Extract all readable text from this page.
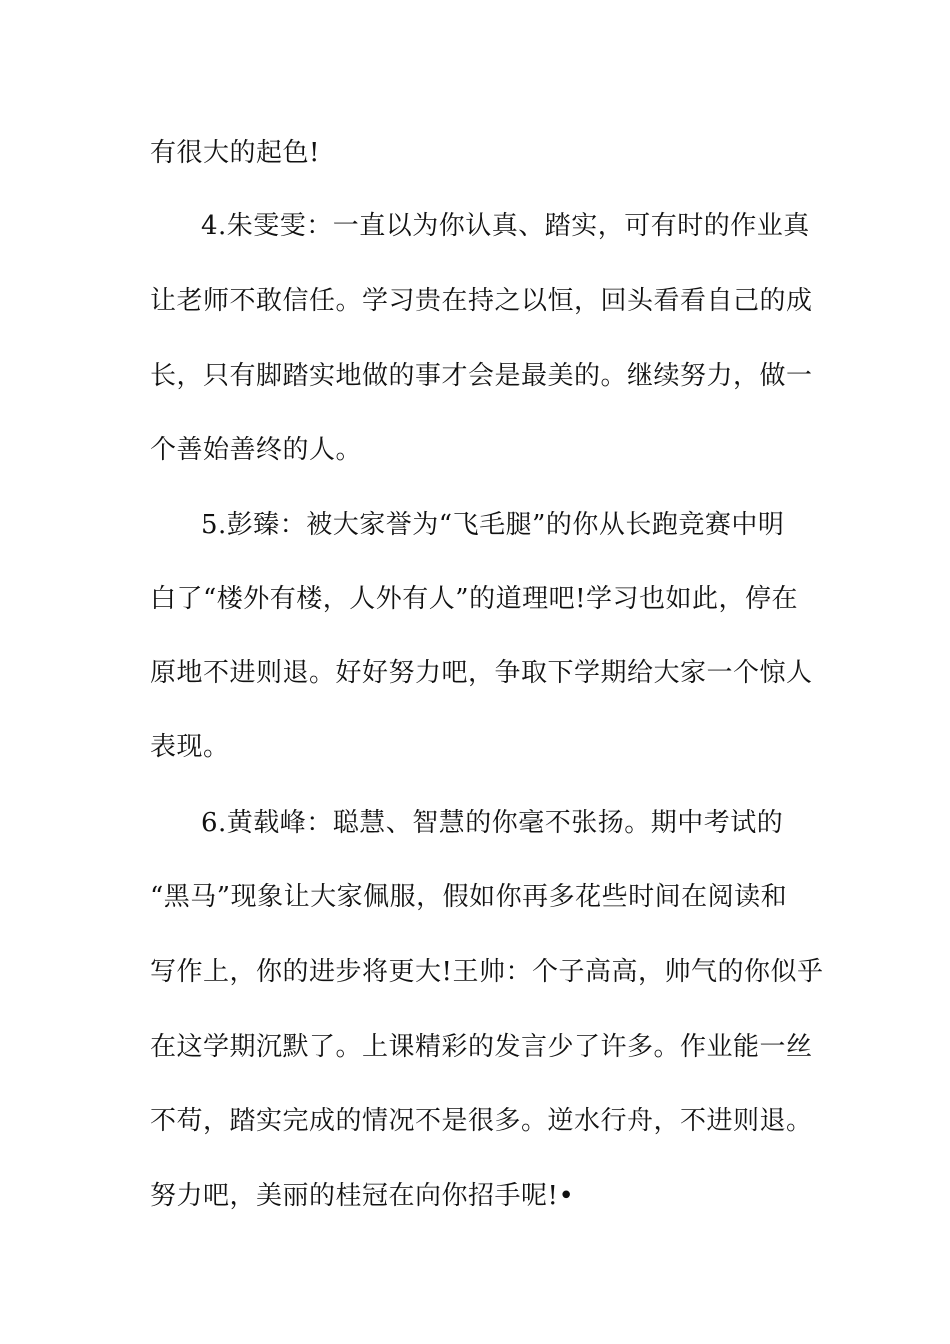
有很大的起色!
4.朱雯雯：一直以为你认真、踏实，可有时的作业真
让老师不敢信任。学习贵在持之以恒，回头看看自己的成
长，只有脚踏实地做的事才会是最美的。继续努力，做一
个善始善终的人。
5.彭臻：被大家誉为“飞毛腿”的你从长跑竞赛中明
白了“楼外有楼，人外有人”的道理吧!学习也如此，停在
原地不进则退。好好努力吧，争取下学期给大家一个惊人
表现。
6.黄载峰：聪慧、智慧的你毫不张扬。期中考试的
“黑马”现象让大家佩服，假如你再多花些时间在阅读和
写作上，你的进步将更大!王帅：个子高高，帅气的你似乎
在这学期沉默了。上课精彩的发言少了许多。作业能一丝
不苟，踏实完成的情况不是很多。逆水行舟，不进则退。
努力吧，美丽的桂冠在向你招手呢!•
